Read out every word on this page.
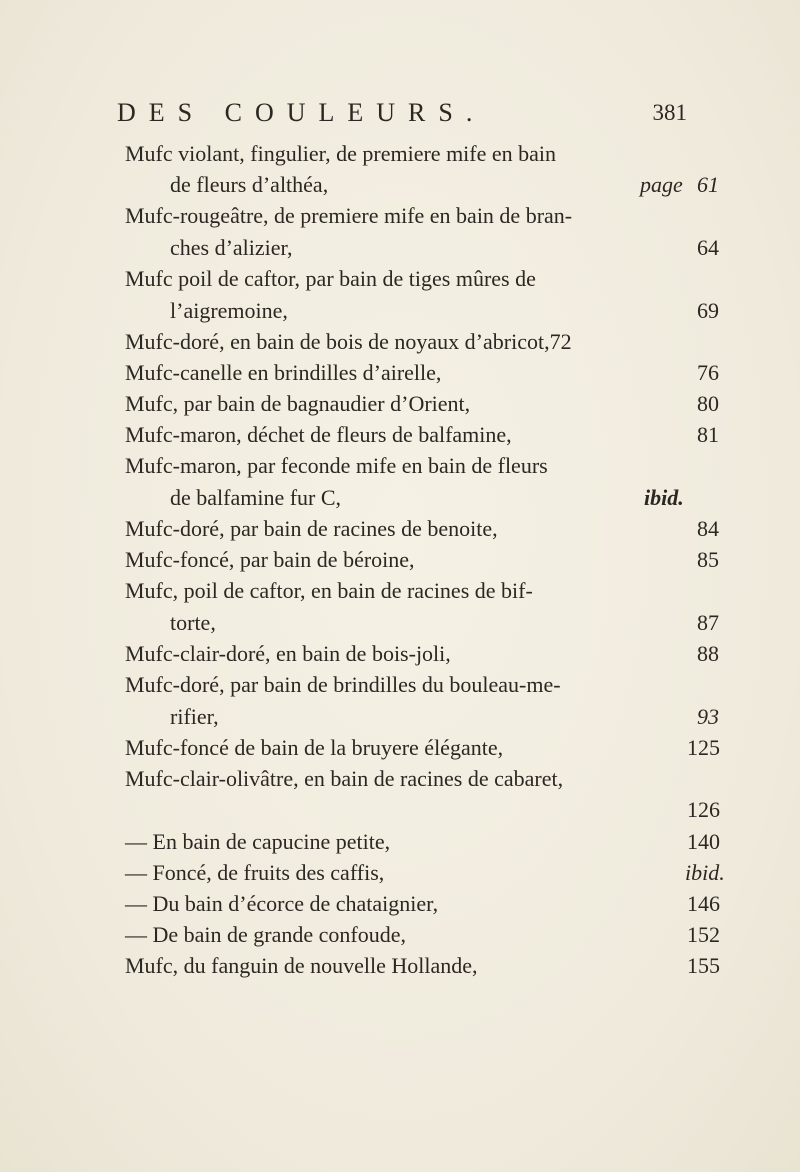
DES COULEURS.	381
Mufc violant, fingulier, de premiere mife en bain
de fleurs d’althéa,	page 61
Mufc-rougeâtre, de premiere mife en bain de bran-
ches d’alizier,	64
Mufc poil de caftor, par bain de tiges mûres de
l’aigremoine,	69
Mufc-doré, en bain de bois de noyaux d’abricot,72
Mufc-canelle en brindilles d’airelle,	76
Mufc, par bain de bagnaudier d’Orient,	80
Mufc-maron, déchet de fleurs de balfamine,	81
Mufc-maron, par feconde mife en bain de fleurs
de balfamine fur C,	ibid.
Mufc-doré, par bain de racines de benoite,	84
Mufc-foncé, par bain de béroine,	85
Mufc, poil de caftor, en bain de racines de bif-
torte,	87
Mufc-clair-doré, en bain de bois-joli,	88
Mufc-doré, par bain de brindilles du bouleau-me-
rifier,	93
Mufc-foncé de bain de la bruyere élégante,	125
Mufc-clair-olivâtre, en bain de racines de cabaret,
126
— En bain de capucine petite,	140
— Foncé, de fruits des caffis,	ibid.
— Du bain d’écorce de chataignier,	146
— De bain de grande confoude,	152
Mufc, du fanguin de nouvelle Hollande,	155
